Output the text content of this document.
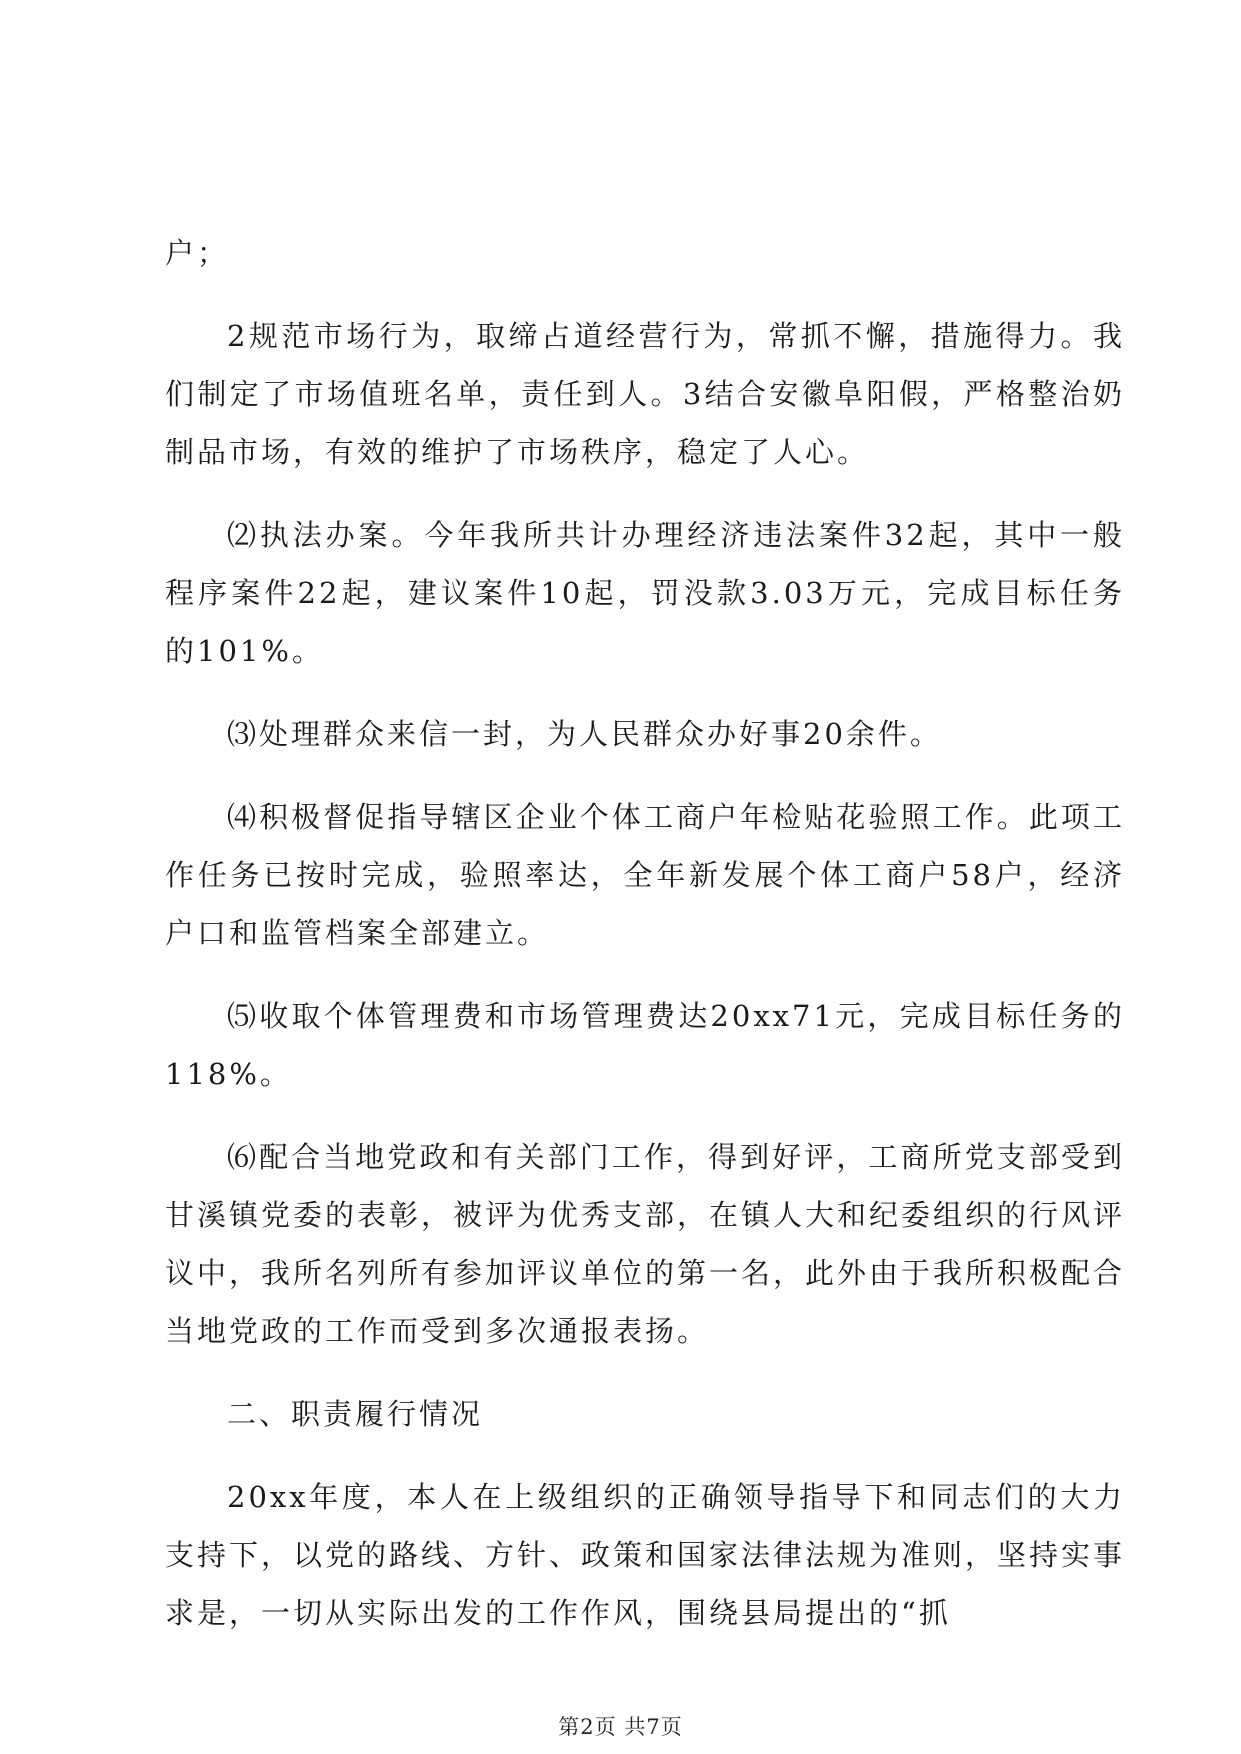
户；

2规范市场行为，取缔占道经营行为，常抓不懈，措施得力。我们制定了市场值班名单，责任到人。3结合安徽阜阳假，严格整治奶制品市场，有效的维护了市场秩序，稳定了人心。

⑵执法办案。今年我所共计办理经济违法案件32起，其中一般程序案件22起，建议案件10起，罚没款3.03万元，完成目标任务的101%。

⑶处理群众来信一封，为人民群众办好事20余件。

⑷积极督促指导辖区企业个体工商户年检贴花验照工作。此项工作任务已按时完成，验照率达，全年新发展个体工商户58户，经济户口和监管档案全部建立。

⑸收取个体管理费和市场管理费达20xx71元，完成目标任务的118%。

⑹配合当地党政和有关部门工作，得到好评，工商所党支部受到甘溪镇党委的表彰，被评为优秀支部，在镇人大和纪委组织的行风评议中，我所名列所有参加评议单位的第一名，此外由于我所积极配合当地党政的工作而受到多次通报表扬。

二、职责履行情况

20xx年度，本人在上级组织的正确领导指导下和同志们的大力支持下，以党的路线、方针、政策和国家法律法规为准则，坚持实事求是，一切从实际出发的工作作风，围绕县局提出的“抓

第2页 共7页
